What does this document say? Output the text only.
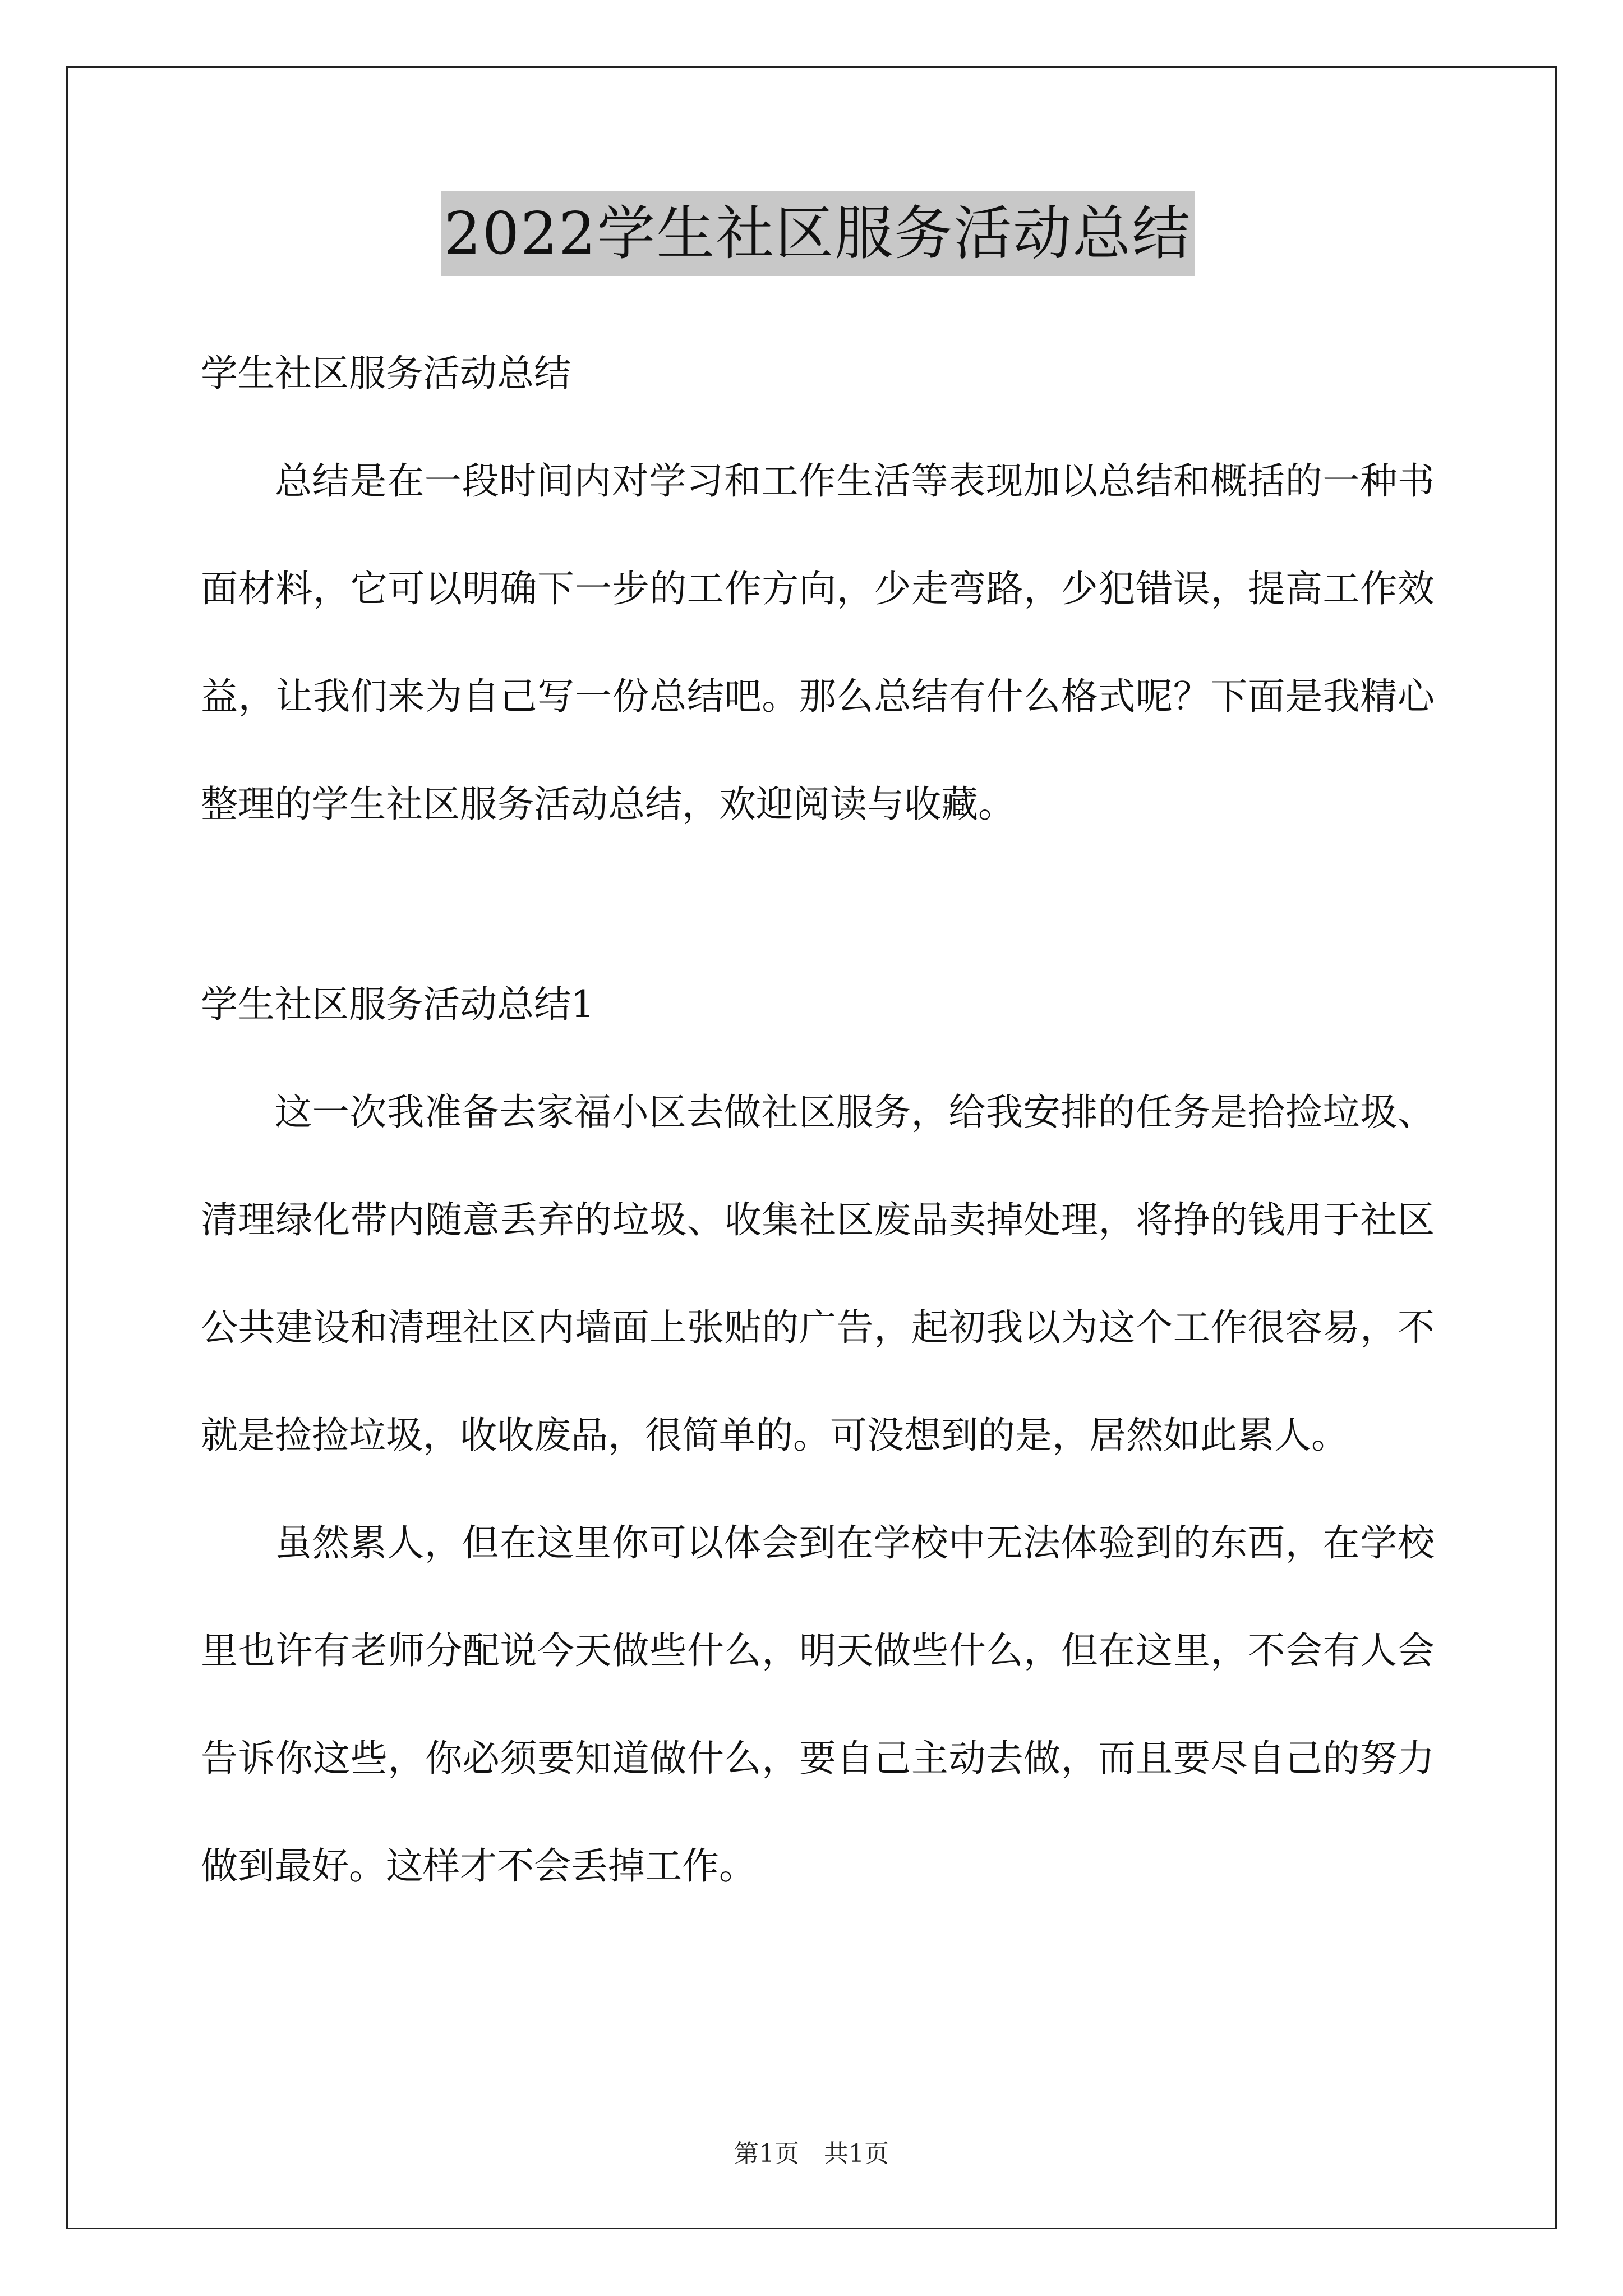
2022学生社区服务活动总结

学生社区服务活动总结

总结是在一段时间内对学习和工作生活等表现加以总结和概括的一种书面材料，它可以明确下一步的工作方向，少走弯路，少犯错误，提高工作效益，让我们来为自己写一份总结吧。那么总结有什么格式呢？下面是我精心整理的学生社区服务活动总结，欢迎阅读与收藏。

学生社区服务活动总结1

这一次我准备去家福小区去做社区服务，给我安排的任务是拾捡垃圾、清理绿化带内随意丢弃的垃圾、收集社区废品卖掉处理，将挣的钱用于社区公共建设和清理社区内墙面上张贴的广告，起初我以为这个工作很容易，不就是捡捡垃圾，收收废品，很简单的。可没想到的是，居然如此累人。

虽然累人，但在这里你可以体会到在学校中无法体验到的东西，在学校里也许有老师分配说今天做些什么，明天做些什么，但在这里，不会有人会告诉你这些，你必须要知道做什么，要自己主动去做，而且要尽自己的努力做到最好。这样才不会丢掉工作。

第1页　共1页
